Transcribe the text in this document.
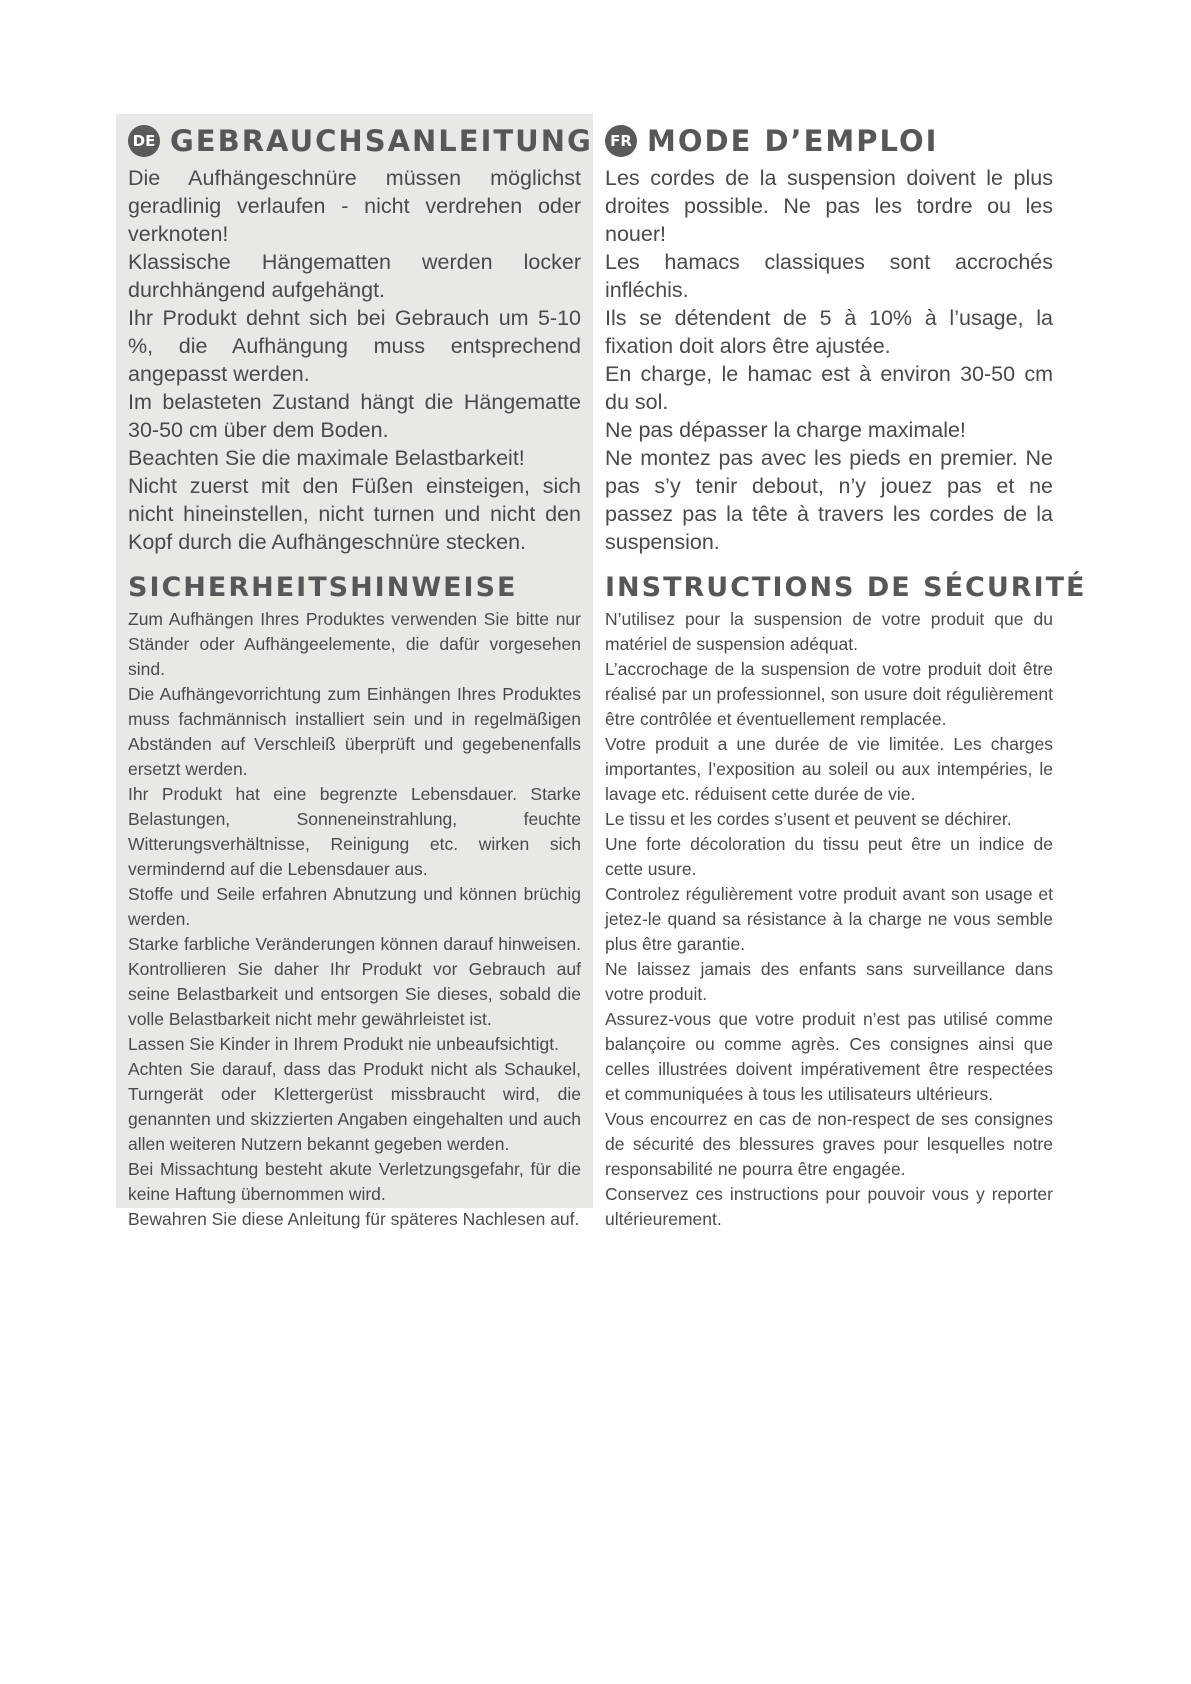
DE GEBRAUCHSANLEITUNG

Die Aufhängeschnüre müssen möglichst geradlinig verlaufen - nicht verdrehen oder verknoten!

Klassische Hängematten werden locker durchhängend aufgehängt.

Ihr Produkt dehnt sich bei Gebrauch um 5-10 %, die Aufhängung muss entsprechend angepasst werden.

Im belasteten Zustand hängt die Hängematte 30-50 cm über dem Boden.

Beachten Sie die maximale Belastbarkeit!

Nicht zuerst mit den Füßen einsteigen, sich nicht hineinstellen, nicht turnen und nicht den Kopf durch die Aufhängeschnüre stecken.

SICHERHEITSHINWEISE

Zum Aufhängen Ihres Produktes verwenden Sie bitte nur Ständer oder Aufhängeelemente, die dafür vorgesehen sind.

Die Aufhängevorrichtung zum Einhängen Ihres Produktes muss fachmännisch installiert sein und in regelmäßigen Abständen auf Verschleiß überprüft und gegebenenfalls ersetzt werden.

Ihr Produkt hat eine begrenzte Lebensdauer. Starke Belastungen, Sonneneinstrahlung, feuchte Witterungsverhältnisse, Reinigung etc. wirken sich vermindernd auf die Lebensdauer aus.

Stoffe und Seile erfahren Abnutzung und können brüchig werden.

Starke farbliche Veränderungen können darauf hinweisen. Kontrollieren Sie daher Ihr Produkt vor Gebrauch auf seine Belastbarkeit und entsorgen Sie dieses, sobald die volle Belastbarkeit nicht mehr gewährleistet ist.

Lassen Sie Kinder in Ihrem Produkt nie unbeaufsichtigt.

Achten Sie darauf, dass das Produkt nicht als Schaukel, Turngerät oder Klettergerüst missbraucht wird, die genannten und skizzierten Angaben eingehalten und auch allen weiteren Nutzern bekannt gegeben werden.

Bei Missachtung besteht akute Verletzungsgefahr, für die keine Haftung übernommen wird.

Bewahren Sie diese Anleitung für späteres Nachlesen auf.

FR MODE D’EMPLOI

Les cordes de la suspension doivent le plus droites possible. Ne pas les tordre ou les nouer!

Les hamacs classiques sont accrochés infléchis.

Ils se détendent de 5 à 10% à l’usage, la fixation doit alors être ajustée.

En charge, le hamac est à environ 30-50 cm du sol.

Ne pas dépasser la charge maximale!

Ne montez pas avec les pieds en premier. Ne pas s’y tenir debout, n’y jouez pas et ne passez pas la tête à travers les cordes de la suspension.

INSTRUCTIONS DE SÉCURITÉ

N’utilisez pour la suspension de votre produit que du matériel de suspension adéquat.

L’accrochage de la suspension de votre produit doit être réalisé par un professionnel, son usure doit régulièrement être contrôlée et éventuellement remplacée.

Votre produit a une durée de vie limitée. Les charges importantes, l’exposition au soleil ou aux intempéries, le lavage etc. réduisent cette durée de vie.

Le tissu et les cordes s’usent et peuvent se déchirer.

Une forte décoloration du tissu peut être un indice de cette usure.

Controlez régulièrement votre produit avant son usage et jetez-le quand sa résistance à la charge ne vous semble plus être garantie.

Ne laissez jamais des enfants sans surveillance dans votre produit.

Assurez-vous que votre produit n’est pas utilisé comme balançoire ou comme agrès. Ces consignes ainsi que celles illustrées doivent impérativement être respectées et communiquées à tous les utilisateurs ultérieurs.

Vous encourrez en cas de non-respect de ses consignes de sécurité des blessures graves pour lesquelles notre responsabilité ne pourra être engagée.

Conservez ces instructions pour pouvoir vous y reporter ultérieurement.
